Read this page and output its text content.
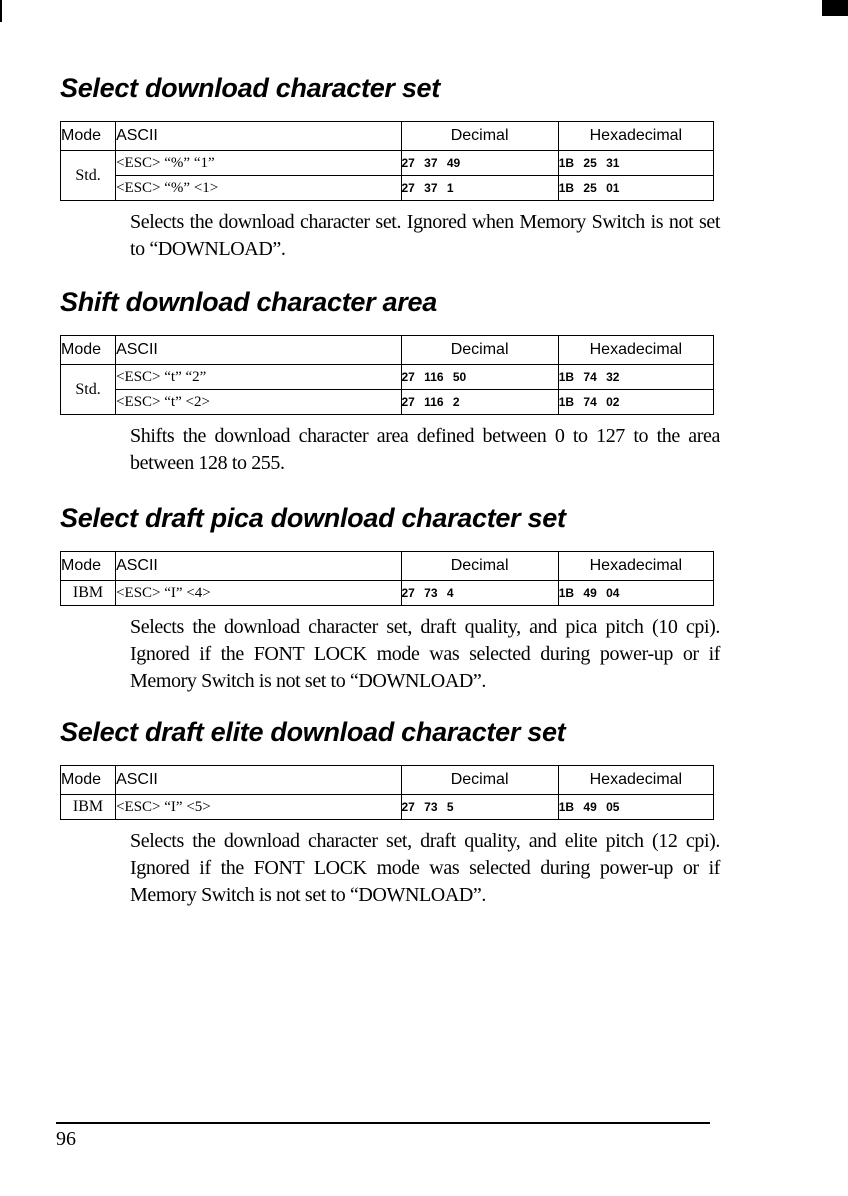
Select download character set
Mode	ASCII	Decimal	Hexadecimal
Std.	<ESC> “%” “1”	27 37 49	1B 25 31
	<ESC> “%” <1>	27 37 1	1B 25 01

Selects the download character set. Ignored when Memory Switch is not set to “DOWNLOAD”.

Shift download character area
Mode	ASCII	Decimal	Hexadecimal
Std.	<ESC> “t” “2”	27 116 50	1B 74 32
	<ESC> “t” <2>	27 116 2	1B 74 02

Shifts the download character area defined between 0 to 127 to the area between 128 to 255.

Select draft pica download character set
Mode	ASCII	Decimal	Hexadecimal
IBM	<ESC> “I” <4>	27 73 4	1B 49 04

Selects the download character set, draft quality, and pica pitch (10 cpi). Ignored if the FONT LOCK mode was selected during power-up or if Memory Switch is not set to “DOWNLOAD”.

Select draft elite download character set
Mode	ASCII	Decimal	Hexadecimal
IBM	<ESC> “I” <5>	27 73 5	1B 49 05

Selects the download character set, draft quality, and elite pitch (12 cpi). Ignored if the FONT LOCK mode was selected during power-up or if Memory Switch is not set to “DOWNLOAD”.

96
